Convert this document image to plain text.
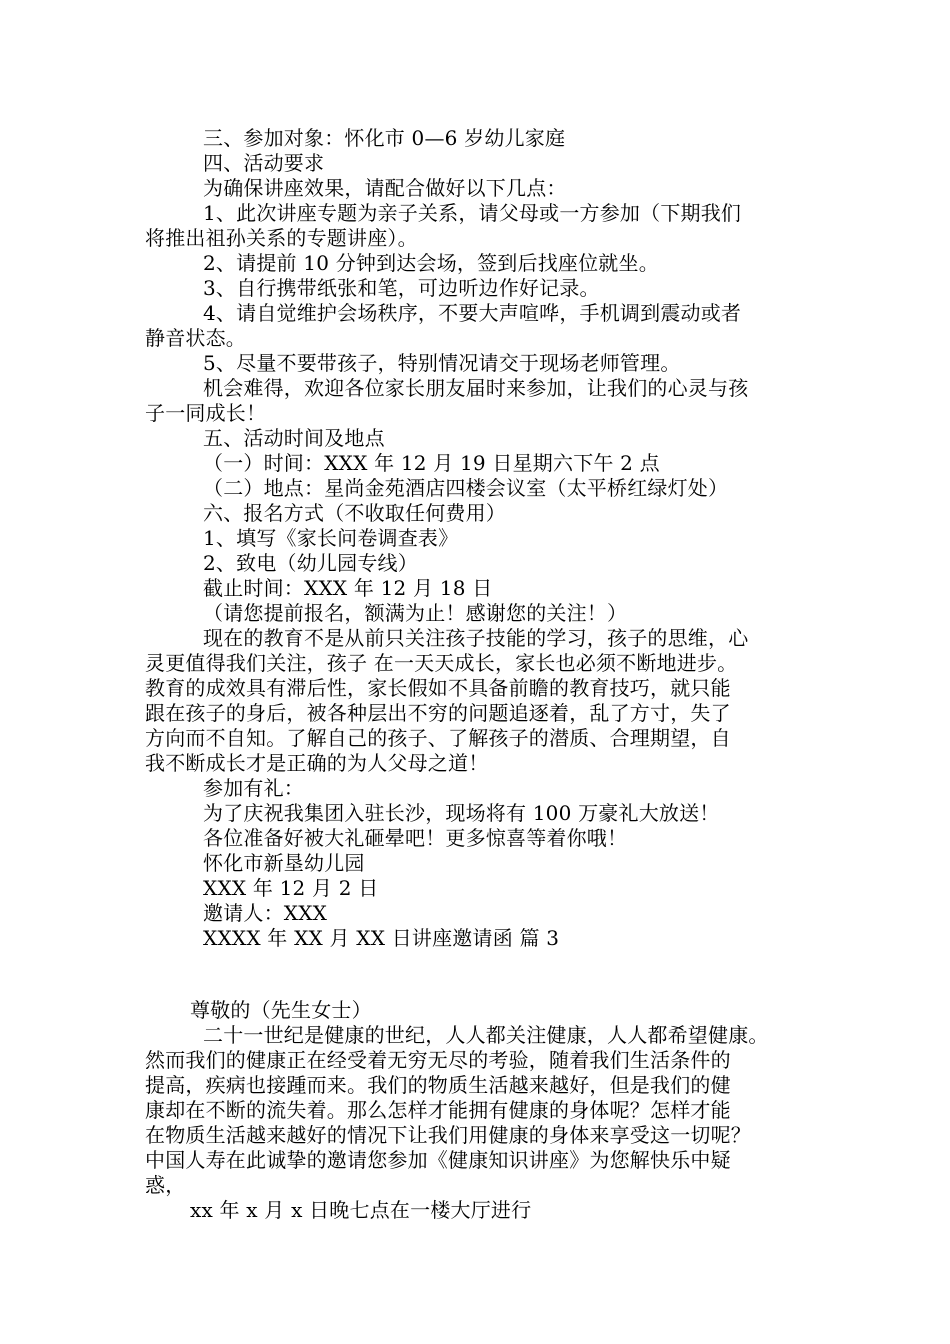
三、参加对象：怀化市 0—6 岁幼儿家庭
四、活动要求
为确保讲座效果，请配合做好以下几点：
1、此次讲座专题为亲子关系，请父母或一方参加（下期我们
将推出祖孙关系的专题讲座）。
2、请提前 10 分钟到达会场，签到后找座位就坐。
3、自行携带纸张和笔，可边听边作好记录。
4、请自觉维护会场秩序，不要大声喧哗，手机调到震动或者
静音状态。
5、尽量不要带孩子，特别情况请交于现场老师管理。
机会难得，欢迎各位家长朋友届时来参加，让我们的心灵与孩
子一同成长！
五、活动时间及地点
（一）时间：XXX 年 12 月 19 日星期六下午 2 点
（二）地点：星尚金苑酒店四楼会议室（太平桥红绿灯处）
六、报名方式（不收取任何费用）
1、填写《家长问卷调查表》
2、致电（幼儿园专线）
截止时间：XXX 年 12 月 18 日
（请您提前报名，额满为止！感谢您的关注！）
现在的教育不是从前只关注孩子技能的学习，孩子的思维，心
灵更值得我们关注，孩子 在一天天成长，家长也必须不断地进步。
教育的成效具有滞后性，家长假如不具备前瞻的教育技巧，就只能
跟在孩子的身后，被各种层出不穷的问题追逐着，乱了方寸，失了
方向而不自知。了解自己的孩子、了解孩子的潜质、合理期望，自
我不断成长才是正确的为人父母之道！
参加有礼：
为了庆祝我集团入驻长沙，现场将有 100 万豪礼大放送！
各位准备好被大礼砸晕吧！更多惊喜等着你哦！
怀化市新垦幼儿园
XXX 年 12 月 2 日
邀请人：XXX
XXXX 年 XX 月 XX 日讲座邀请函 篇 3
尊敬的（先生女士）
二十一世纪是健康的世纪，人人都关注健康，人人都希望健康。
然而我们的健康正在经受着无穷无尽的考验，随着我们生活条件的
提高，疾病也接踵而来。我们的物质生活越来越好，但是我们的健
康却在不断的流失着。那么怎样才能拥有健康的身体呢？怎样才能
在物质生活越来越好的情况下让我们用健康的身体来享受这一切呢？
中国人寿在此诚挚的邀请您参加《健康知识讲座》为您解快乐中疑
惑，
xx 年 x 月 x 日晚七点在一楼大厅进行
